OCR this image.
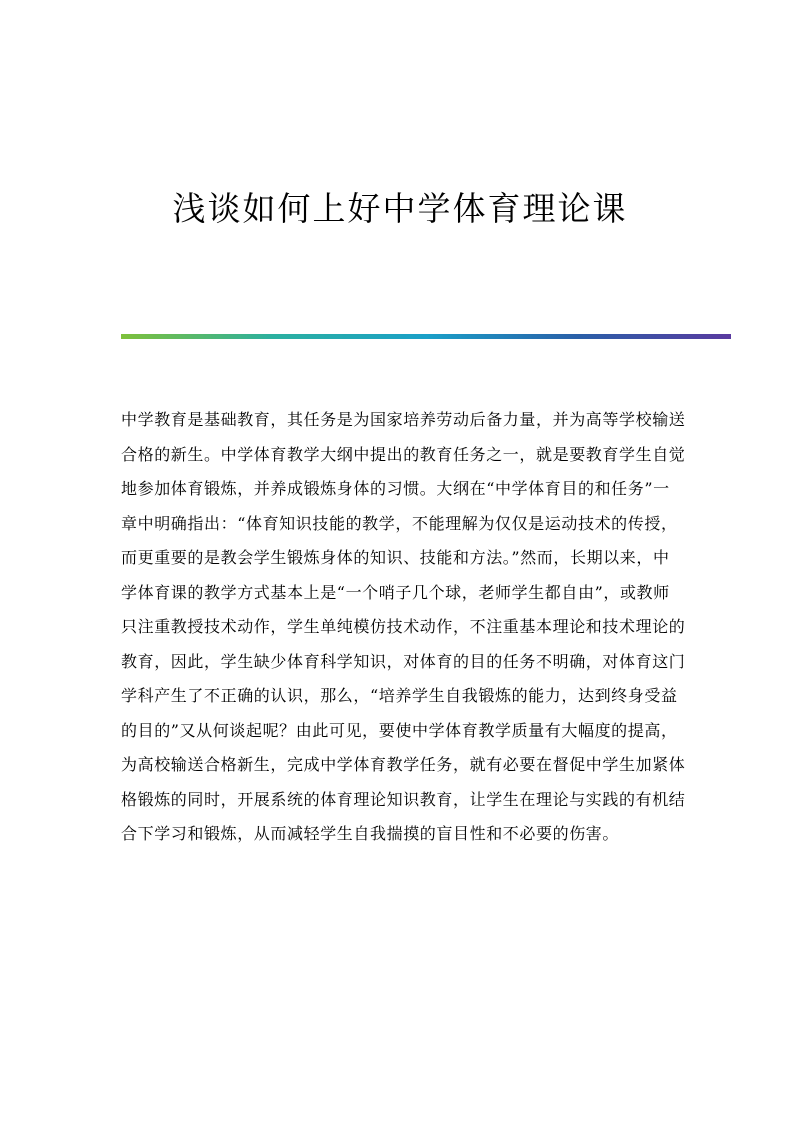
浅谈如何上好中学体育理论课
中学教育是基础教育，其任务是为国家培养劳动后备力量，并为高等学校输送
合格的新生。中学体育教学大纲中提出的教育任务之一，就是要教育学生自觉
地参加体育锻炼，并养成锻炼身体的习惯。大纲在“中学体育目的和任务”一
章中明确指出：“体育知识技能的教学，不能理解为仅仅是运动技术的传授，
而更重要的是教会学生锻炼身体的知识、技能和方法。”然而，长期以来，中
学体育课的教学方式基本上是“一个哨子几个球，老师学生都自由”，或教师
只注重教授技术动作，学生单纯模仿技术动作，不注重基本理论和技术理论的
教育，因此，学生缺少体育科学知识，对体育的目的任务不明确，对体育这门
学科产生了不正确的认识，那么，“培养学生自我锻炼的能力，达到终身受益
的目的”又从何谈起呢？由此可见，要使中学体育教学质量有大幅度的提高，
为高校输送合格新生，完成中学体育教学任务，就有必要在督促中学生加紧体
格锻炼的同时，开展系统的体育理论知识教育，让学生在理论与实践的有机结
合下学习和锻炼，从而减轻学生自我揣摸的盲目性和不必要的伤害。
